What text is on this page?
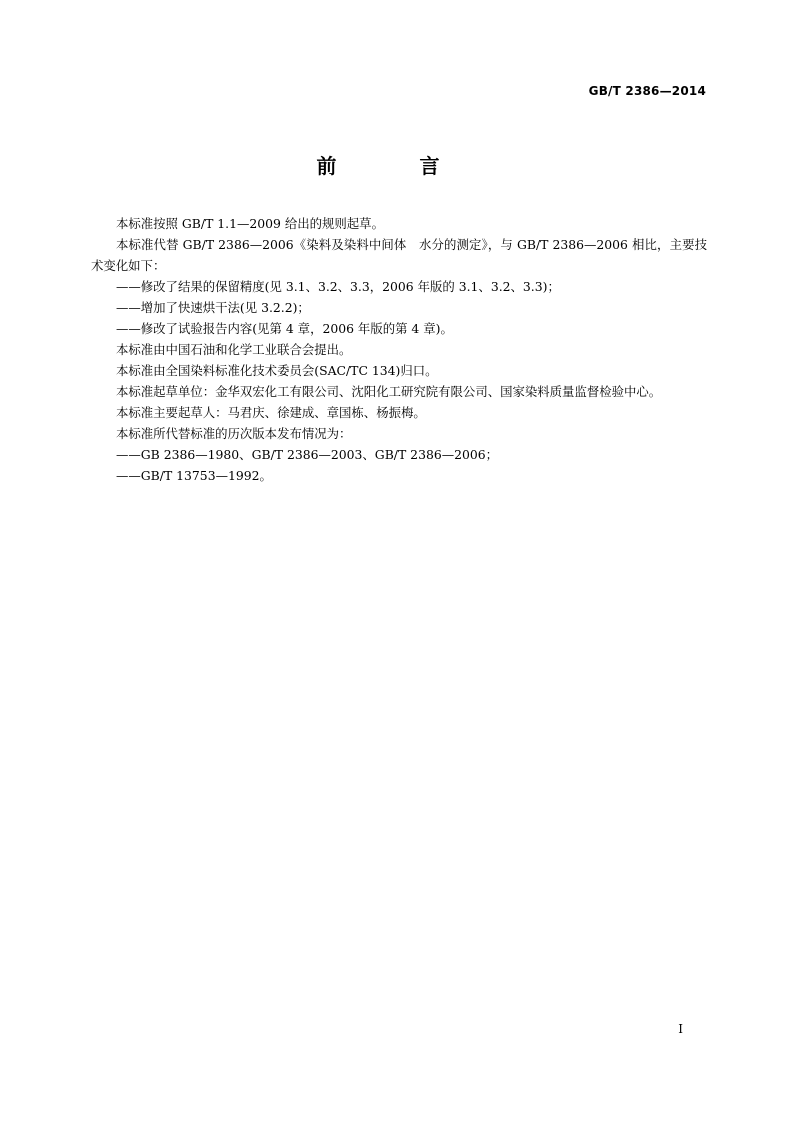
GB/T 2386—2014
前 言

本标准按照 GB/T 1.1—2009 给出的规则起草。

本标准代替 GB/T 2386—2006《染料及染料中间体　水分的测定》，与 GB/T 2386—2006 相比，主要技术变化如下：

——修改了结果的保留精度(见 3.1、3.2、3.3，2006 年版的 3.1、3.2、3.3)；

——增加了快速烘干法(见 3.2.2)；

——修改了试验报告内容(见第 4 章，2006 年版的第 4 章)。

本标准由中国石油和化学工业联合会提出。

本标准由全国染料标准化技术委员会(SAC/TC 134)归口。

本标准起草单位：金华双宏化工有限公司、沈阳化工研究院有限公司、国家染料质量监督检验中心。

本标准主要起草人：马君庆、徐建成、章国栋、杨振梅。

本标准所代替标准的历次版本发布情况为：

——GB 2386—1980、GB/T 2386—2003、GB/T 2386—2006；

——GB/T 13753—1992。

I
